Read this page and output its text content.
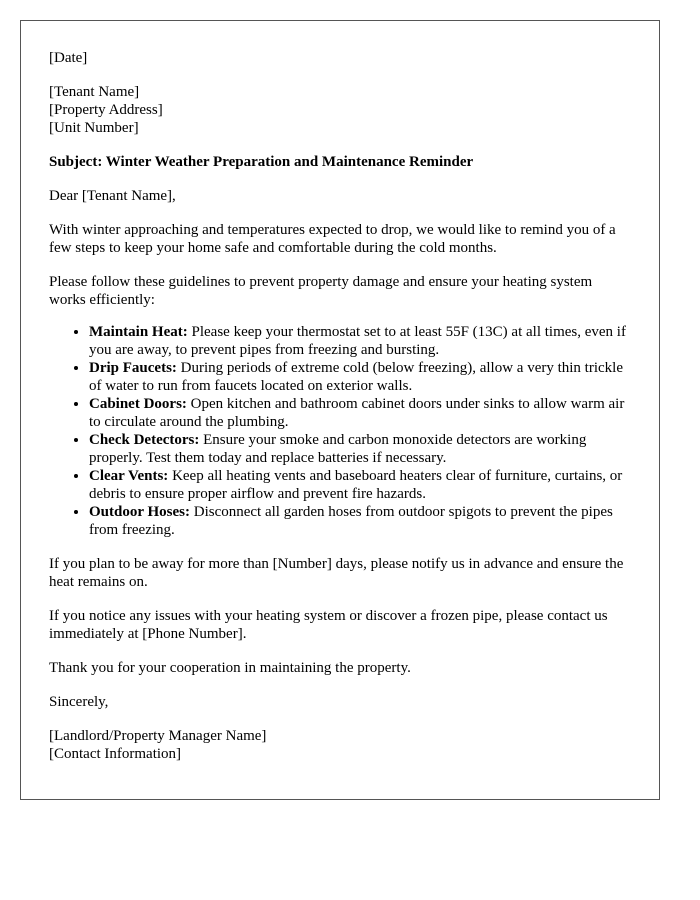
[Date]

[Tenant Name]
[Property Address]
[Unit Number]

Subject: Winter Weather Preparation and Maintenance Reminder

Dear [Tenant Name],

With winter approaching and temperatures expected to drop, we would like to remind you of a few steps to keep your home safe and comfortable during the cold months.

Please follow these guidelines to prevent property damage and ensure your heating system works efficiently:

• Maintain Heat: Please keep your thermostat set to at least 55F (13C) at all times, even if you are away, to prevent pipes from freezing and bursting.
• Drip Faucets: During periods of extreme cold (below freezing), allow a very thin trickle of water to run from faucets located on exterior walls.
• Cabinet Doors: Open kitchen and bathroom cabinet doors under sinks to allow warm air to circulate around the plumbing.
• Check Detectors: Ensure your smoke and carbon monoxide detectors are working properly. Test them today and replace batteries if necessary.
• Clear Vents: Keep all heating vents and baseboard heaters clear of furniture, curtains, or debris to ensure proper airflow and prevent fire hazards.
• Outdoor Hoses: Disconnect all garden hoses from outdoor spigots to prevent the pipes from freezing.

If you plan to be away for more than [Number] days, please notify us in advance and ensure the heat remains on.

If you notice any issues with your heating system or discover a frozen pipe, please contact us immediately at [Phone Number].

Thank you for your cooperation in maintaining the property.

Sincerely,

[Landlord/Property Manager Name]
[Contact Information]
